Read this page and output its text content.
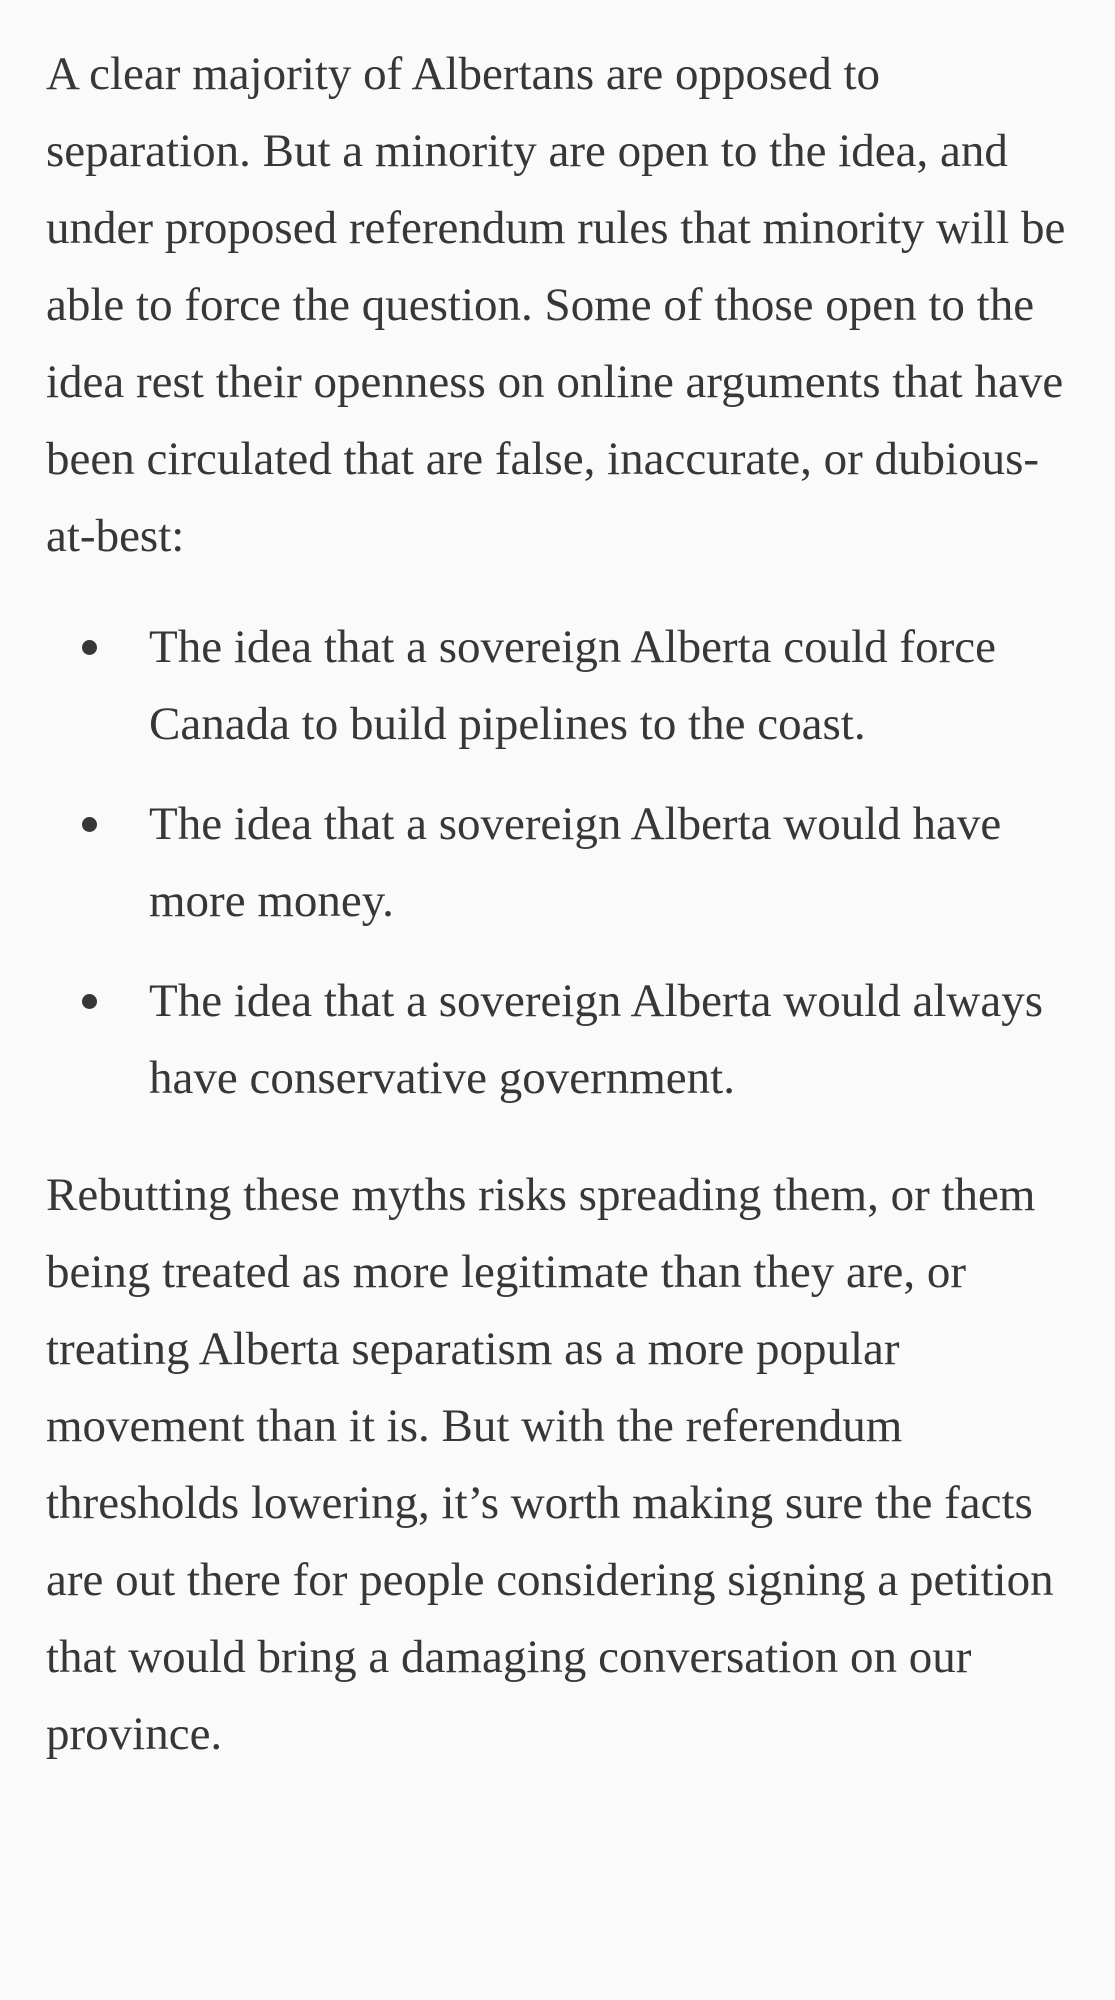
A clear majority of Albertans are opposed to separation. But a minority are open to the idea, and under proposed referendum rules that minority will be able to force the question. Some of those open to the idea rest their openness on online arguments that have been circulated that are false, inaccurate, or dubious-at-best:

The idea that a sovereign Alberta could force Canada to build pipelines to the coast.
The idea that a sovereign Alberta would have more money.
The idea that a sovereign Alberta would always have conservative government.

Rebutting these myths risks spreading them, or them being treated as more legitimate than they are, or treating Alberta separatism as a more popular movement than it is. But with the referendum thresholds lowering, it’s worth making sure the facts are out there for people considering signing a petition that would bring a damaging conversation on our province.
